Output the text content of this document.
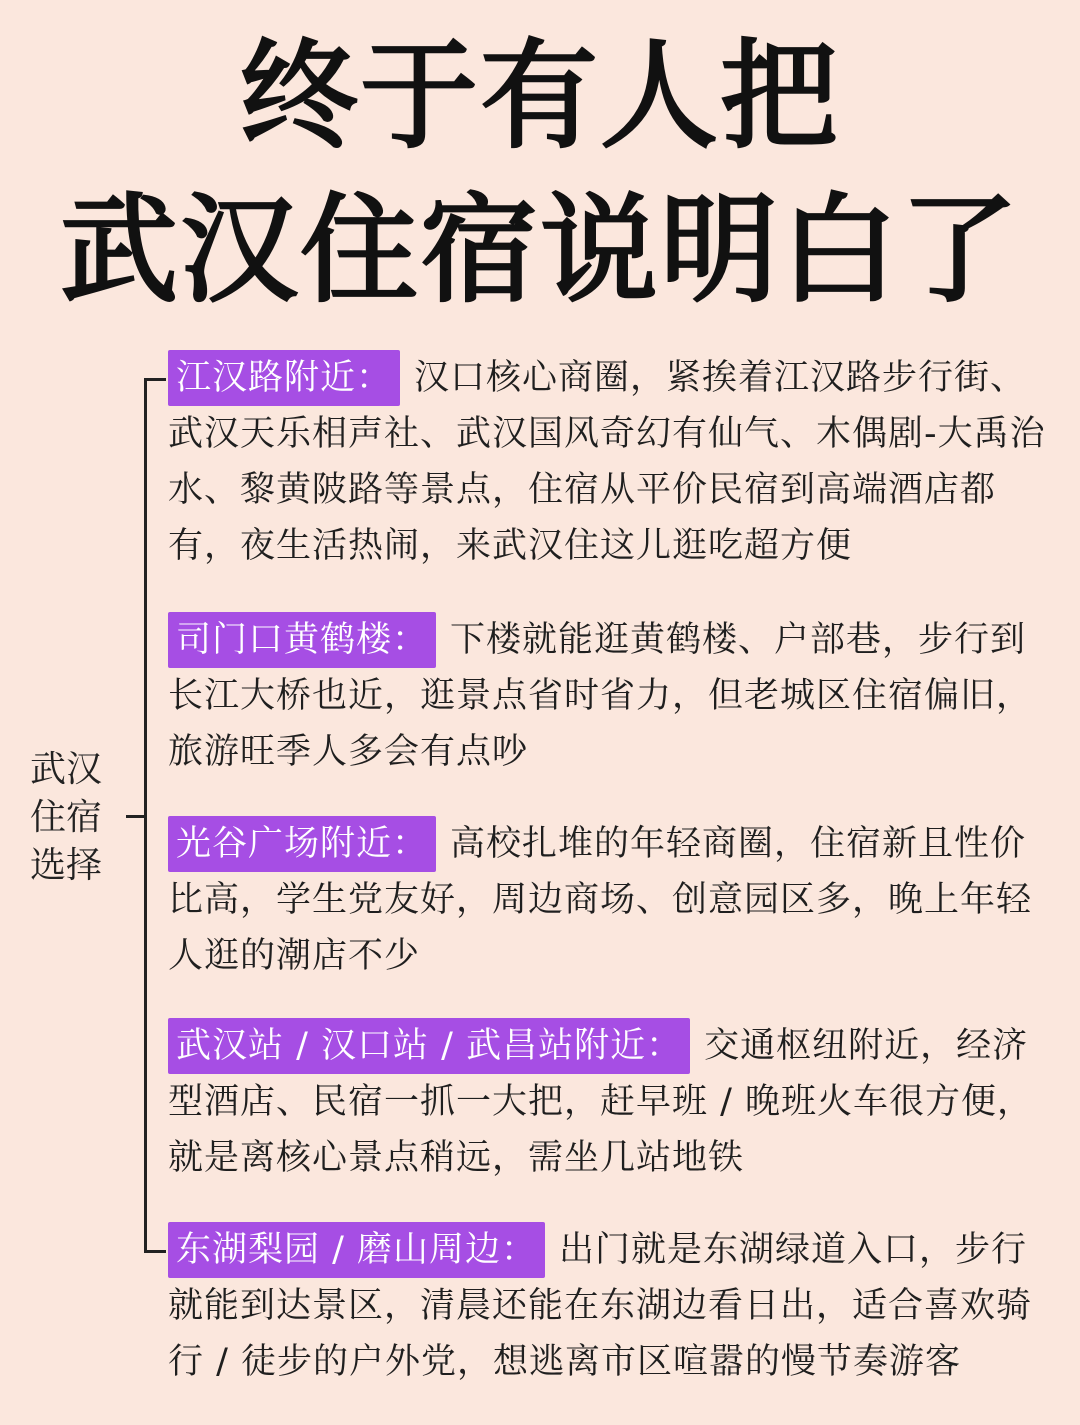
终于有人把
武汉住宿说明白了
武汉
住宿
选择
江汉路附近： 汉口核心商圈，紧挨着江汉路步行街、武汉天乐相声社、武汉国风奇幻有仙气、木偶剧-大禹治水、黎黄陂路等景点，住宿从平价民宿到高端酒店都有，夜生活热闹，来武汉住这儿逛吃超方便
司门口黄鹤楼： 下楼就能逛黄鹤楼、户部巷，步行到长江大桥也近，逛景点省时省力，但老城区住宿偏旧，旅游旺季人多会有点吵
光谷广场附近： 高校扎堆的年轻商圈，住宿新且性价比高，学生党友好，周边商场、创意园区多，晚上年轻人逛的潮店不少
武汉站 / 汉口站 / 武昌站附近： 交通枢纽附近，经济型酒店、民宿一抓一大把，赶早班 / 晚班火车很方便，就是离核心景点稍远，需坐几站地铁
东湖梨园 / 磨山周边： 出门就是东湖绿道入口，步行就能到达景区，清晨还能在东湖边看日出，适合喜欢骑行 / 徒步的户外党，想逃离市区喧嚣的慢节奏游客
